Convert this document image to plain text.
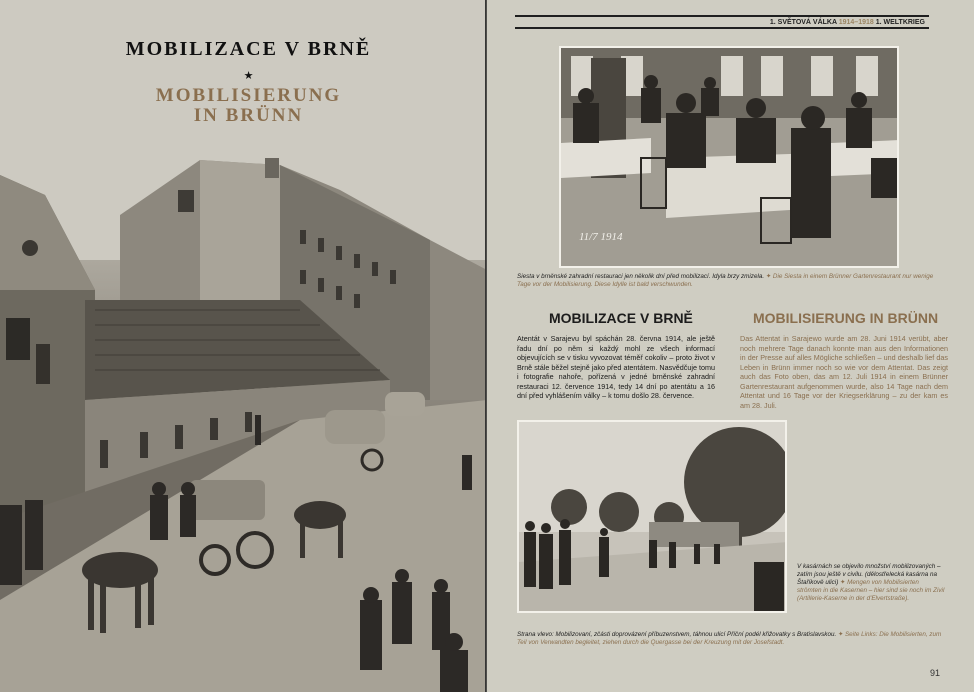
MOBILIZACE V BRNĚ
★
MOBILISIERUNG
IN BRÜNN
1. SVĚTOVÁ VÁLKA 1914–1918 1. WELTKRIEG
11/7 1914
Siesta v brněnské zahradní restauraci jen několik dní před mobilizací. Idyla brzy zmizela. ✦ Die Siesta in einem Brünner Gartenrestaurant nur wenige Tage vor der Mobilisierung. Diese Idylle ist bald verschwunden.
MOBILIZACE V BRNĚ	MOBILISIERUNG IN BRÜNN

Atentát v Sarajevu byl spáchán 28. června 1914, ale ještě řadu dní po něm si každý mohl ze všech informací objevujících se v tisku vyvozovat téměř cokoliv – proto život v Brně stále běžel stejně jako před atentátem. Nasvědčuje tomu i fotografie nahoře, pořízená v jedné brněnské zahradní restauraci 12. července 1914, tedy 14 dní po atentátu a 16 dní před vyhlášením války – k tomu došlo 28. července.

Das Attentat in Sarajewo wurde am 28. Juni 1914 verübt, aber noch mehrere Tage danach konnte man aus den Informationen in der Presse auf alles Mögliche schließen – und deshalb lief das Leben in Brünn immer noch so wie vor dem Attentat. Das zeigt auch das Foto oben, das am 12. Juli 1914 in einem Brünner Gartenrestaurant aufgenommen wurde, also 14 Tage nach dem Attentat und 16 Tage vor der Kriegserklärung – zu der kam es am 28. Juli.

V kasárnách se objevilo množství mobilizovaných – zatím jsou ještě v civilu. (dělostřelecká kasárna na Štaříkově ulici) ✦ Mengen von Mobilisierten strömten in die Kasernen – hier sind sie noch im Zivil (Artillerie-Kaserne in der d'Elvertstraße).
Strana vlevo: Mobilizovaní, zčásti doprovázení příbuzenstvem, táhnou ulicí Příční podél křižovatky s Bratislavskou. ✦ Seite Links: Die Mobilisierten, zum Teil von Verwandten begleitet, ziehen durch die Quergasse bei der Kreuzung mit der Josefstadt.
91
